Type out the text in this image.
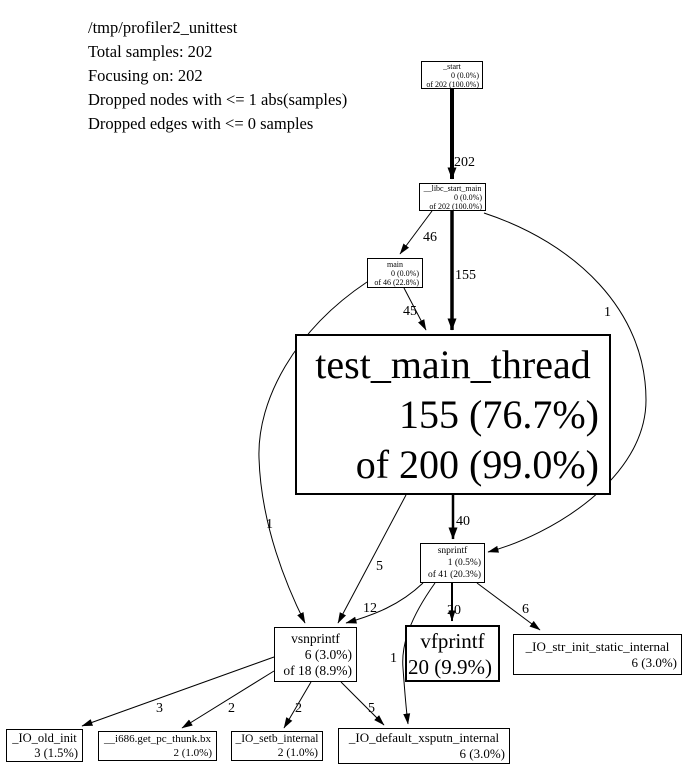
/tmp/profiler2_unittest
Total samples: 202
Focusing on: 202
Dropped nodes with <= 1 abs(samples)
Dropped edges with <= 0 samples
202
46
155
1
45
1	40
5
12	20	6
1
3	2	2	5
_start
0 (0.0%)
of 202 (100.0%)
__libc_start_main
0 (0.0%)
of 202 (100.0%)
main
0 (0.0%)
of 46 (22.8%)
test_main_thread
155 (76.7%)
of 200 (99.0%)
snprintf
1 (0.5%)
of 41 (20.3%)
vsnprintf
6 (3.0%)
of 18 (8.9%)
vfprintf
20 (9.9%)
_IO_str_init_static_internal
6 (3.0%)
_IO_old_init
3 (1.5%)
__i686.get_pc_thunk.bx
2 (1.0%)
_IO_setb_internal
2 (1.0%)
_IO_default_xsputn_internal
6 (3.0%)
